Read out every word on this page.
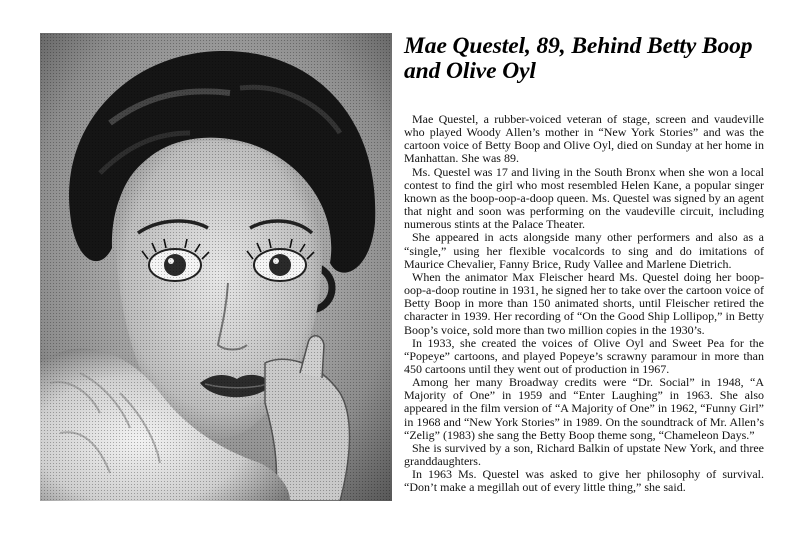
Mae Questel, 89, Behind Betty Boop and Olive Oyl

Mae Questel, a rubber-voiced veteran of stage, screen and vaudeville who played Woody Allen’s mother in “New York Stories” and was the cartoon voice of Betty Boop and Olive Oyl, died on Sunday at her home in Manhattan. She was 89.

Ms. Questel was 17 and living in the South Bronx when she won a local contest to find the girl who most resembled Helen Kane, a popular singer known as the boop-oop-a-doop queen. Ms. Questel was signed by an agent that night and soon was performing on the vaudeville circuit, including numerous stints at the Palace Theater.

She appeared in acts alongside many other performers and also as a “single,” using her flexible vocalcords to sing and do imitations of Maurice Chevalier, Fanny Brice, Rudy Vallee and Marlene Dietrich.

When the animator Max Fleischer heard Ms. Questel doing her boop-oop-a-doop routine in 1931, he signed her to take over the cartoon voice of Betty Boop in more than 150 animated shorts, until Fleischer retired the character in 1939. Her recording of “On the Good Ship Lollipop,” in Betty Boop’s voice, sold more than two million copies in the 1930’s.

In 1933, she created the voices of Olive Oyl and Sweet Pea for the “Popeye” cartoons, and played Popeye’s scrawny paramour in more than 450 cartoons until they went out of production in 1967.

Among her many Broadway credits were “Dr. Social” in 1948, “A Majority of One” in 1959 and “Enter Laughing” in 1963. She also appeared in the film version of “A Majority of One” in 1962, “Funny Girl” in 1968 and “New York Stories” in 1989. On the soundtrack of Mr. Allen’s “Zelig” (1983) she sang the Betty Boop theme song, “Chameleon Days.”

She is survived by a son, Richard Balkin of upstate New York, and three granddaughters.

In 1963 Ms. Questel was asked to give her philosophy of survival. “Don’t make a megillah out of every little thing,” she said.
